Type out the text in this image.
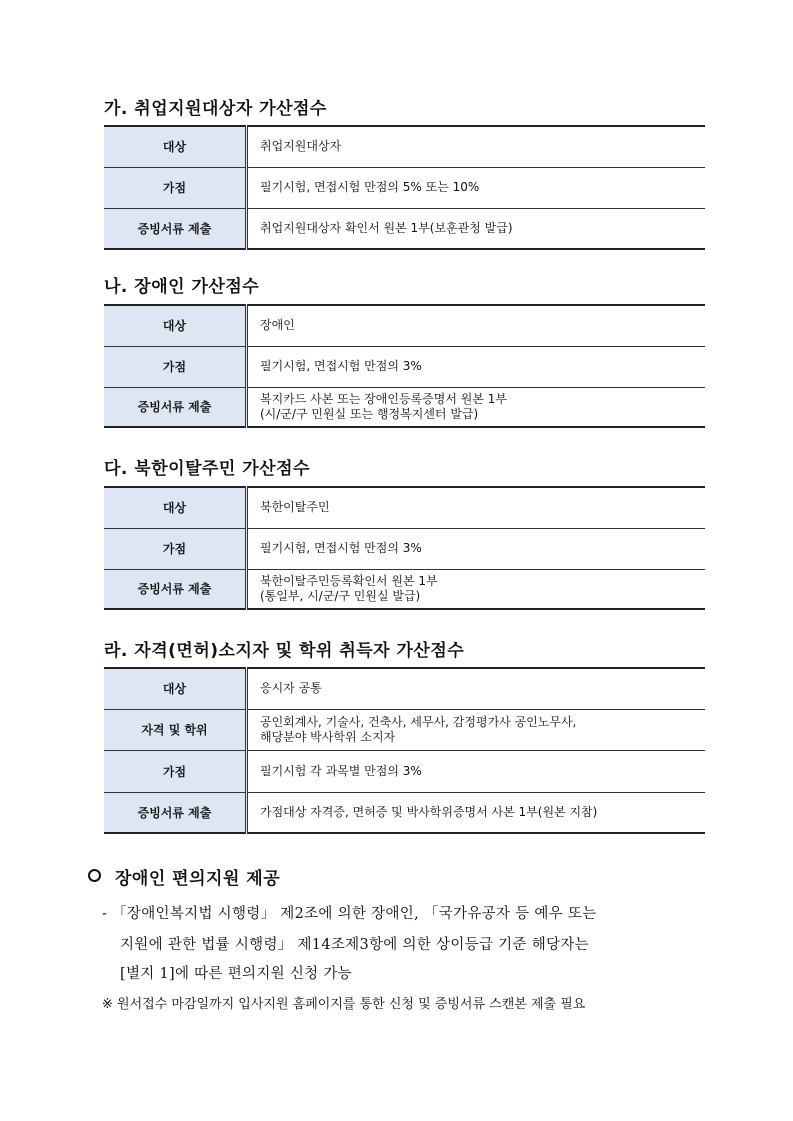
가. 취업지원대상자 가산점수
대상	취업지원대상자
가점	필기시험, 면접시험 만점의 5% 또는 10%
증빙서류 제출	취업지원대상자 확인서 원본 1부(보훈관청 발급)
나. 장애인 가산점수
대상	장애인
가점	필기시험, 면접시험 만점의 3%
증빙서류 제출	복지카드 사본 또는 장애인등록증명서 원본 1부
(시/군/구 민원실 또는 행정복지센터 발급)
다. 북한이탈주민 가산점수
대상	북한이탈주민
가점	필기시험, 면접시험 만점의 3%
증빙서류 제출	북한이탈주민등록확인서 원본 1부
(통일부, 시/군/구 민원실 발급)
라. 자격(면허)소지자 및 학위 취득자 가산점수
대상	응시자 공통
자격 및 학위	공인회계사, 기술사, 건축사, 세무사, 감정평가사 공인노무사,
해당분야 박사학위 소지자

가점	필기시험 각 과목별 만점의 3%
증빙서류 제출	가점대상 자격증, 면허증 및 박사학위증명서 사본 1부(원본 지참)
장애인 편의지원 제공
- 「장애인복지법 시행령」 제2조에 의한 장애인, 「국가유공자 등 예우 또는
지원에 관한 법률 시행령」 제14조제3항에 의한 상이등급 기준 해당자는
[별지 1]에 따른 편의지원 신청 가능
※ 원서접수 마감일까지 입사지원 홈페이지를 통한 신청 및 증빙서류 스캔본 제출 필요
